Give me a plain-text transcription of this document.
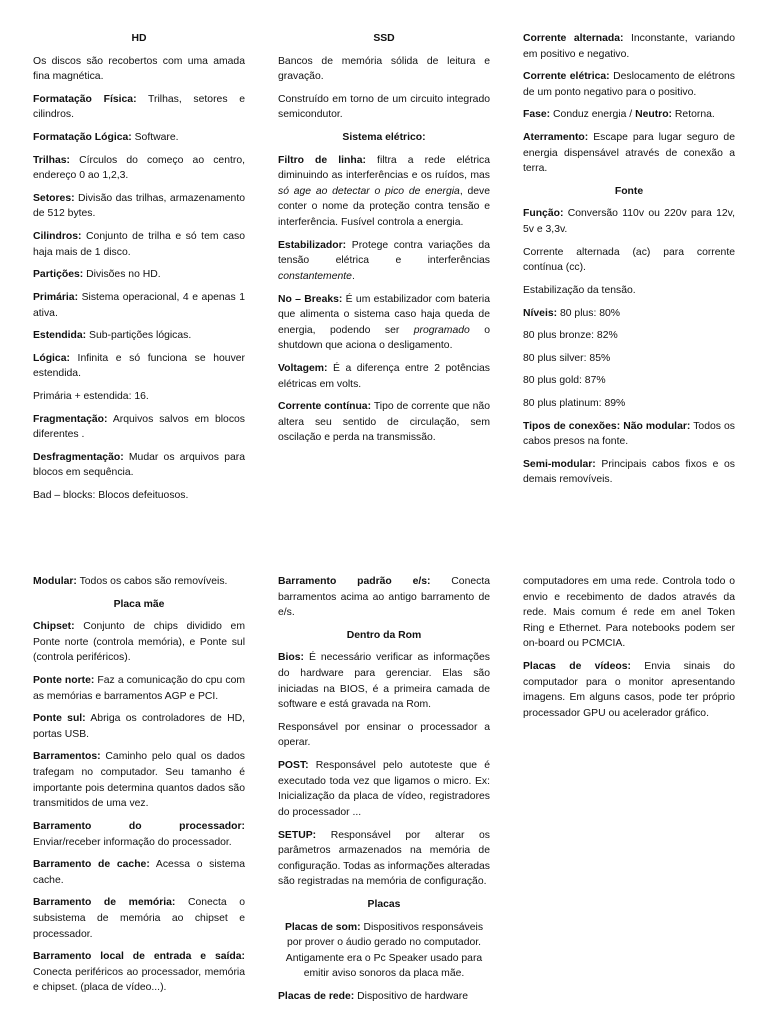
HD

Os discos são recobertos com uma amada fina magnética.

Formatação Física: Trilhas, setores e cilindros.

Formatação Lógica: Software.

Trilhas: Círculos do começo ao centro, endereço 0 ao 1,2,3.

Setores: Divisão das trilhas, armazenamento de 512 bytes.

Cilindros: Conjunto de trilha e só tem caso haja mais de 1 disco.

Partições: Divisões no HD.

Primária: Sistema operacional, 4 e apenas 1 ativa.

Estendida: Sub-partições lógicas.

Lógica: Infinita e só funciona se houver estendida.

Primária + estendida: 16.

Fragmentação: Arquivos salvos em blocos diferentes .

Desfragmentação: Mudar os arquivos para blocos em sequência.

Bad – blocks: Blocos defeituosos.

SSD

Bancos de memória sólida de leitura e gravação.

Construído em torno de um circuito integrado semicondutor.

Sistema elétrico:

Filtro de linha: filtra a rede elétrica diminuindo as interferências e os ruídos, mas só age ao detectar o pico de energia, deve conter o nome da proteção contra tensão e interferência. Fusível controla a energia.

Estabilizador: Protege contra variações da tensão elétrica e interferências constantemente.

No – Breaks: É um estabilizador com bateria que alimenta o sistema caso haja queda de energia, podendo ser programado o shutdown que aciona o desligamento.

Voltagem: É a diferença entre 2 potências elétricas em volts.

Corrente contínua: Tipo de corrente que não altera seu sentido de circulação, sem oscilação e perda na transmissão.

Corrente alternada: Inconstante, variando em positivo e negativo.

Corrente elétrica: Deslocamento de elétrons de um ponto negativo para o positivo.

Fase: Conduz energia / Neutro: Retorna.

Aterramento: Escape para lugar seguro de energia dispensável através de conexão a terra.

Fonte

Função: Conversão 110v ou 220v para 12v, 5v e 3,3v.

Corrente alternada (ac) para corrente contínua (cc).

Estabilização da tensão.

Níveis: 80 plus: 80%

80 plus bronze: 82%

80 plus silver: 85%

80 plus gold: 87%

80 plus platinum: 89%

Tipos de conexões: Não modular: Todos os cabos presos na fonte.

Semi-modular: Principais cabos fixos e os demais removíveis.

Modular: Todos os cabos são removíveis.

Placa mãe

Chipset: Conjunto de chips dividido em Ponte norte (controla memória), e Ponte sul (controla periféricos).

Ponte norte: Faz a comunicação do cpu com as memórias e barramentos AGP e PCI.

Ponte sul: Abriga os controladores de HD, portas USB.

Barramentos: Caminho pelo qual os dados trafegam no computador. Seu tamanho é importante pois determina quantos dados são transmitidos de uma vez.

Barramento do processador: Enviar/receber informação do processador.

Barramento de cache: Acessa o sistema cache.

Barramento de memória: Conecta o subsistema de memória ao chipset e processador.

Barramento local de entrada e saída: Conecta periféricos ao processador, memória e chipset. (placa de vídeo...).

Barramento padrão e/s: Conecta barramentos acima ao antigo barramento de e/s.

Dentro da Rom

Bios: É necessário verificar as informações do hardware para gerenciar. Elas são iniciadas na BIOS, é a primeira camada de software e está gravada na Rom.

Responsável por ensinar o processador a operar.

POST: Responsável pelo autoteste que é executado toda vez que ligamos o micro. Ex: Inicialização da placa de vídeo, registradores do processador ...

SETUP: Responsável por alterar os parâmetros armazenados na memória de configuração. Todas as informações alteradas são registradas na memória de configuração.

Placas

Placas de som: Dispositivos responsáveis por prover o áudio gerado no computador. Antigamente era o Pc Speaker usado para emitir aviso sonoros da placa mãe.

Placas de rede: Dispositivo de hardware

computadores em uma rede. Controla todo o envio e recebimento de dados através da rede. Mais comum é rede em anel Token Ring e Ethernet. Para notebooks podem ser on-board ou PCMCIA.

Placas de vídeos: Envia sinais do computador para o monitor apresentando imagens. Em alguns casos, pode ter próprio processador GPU ou acelerador gráfico.
